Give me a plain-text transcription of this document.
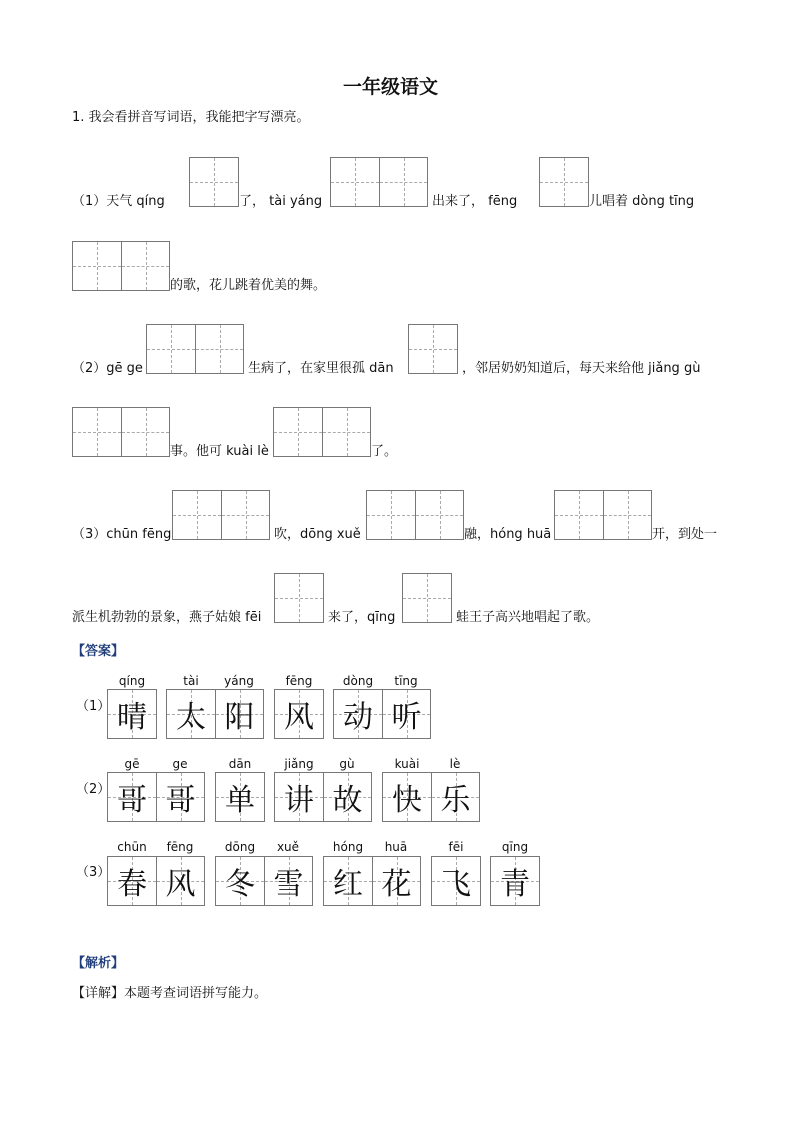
一年级语文
1. 我会看拼音写词语，我能把字写漂亮。
（1）天气 qíng	了， tài yáng	出来了， fēng	儿唱着 dòng tīng
的歌，花儿跳着优美的舞。
（2）gē ge	生病了，在家里很孤 dān	，邻居奶奶知道后，每天来给他 jiǎng gù
事。他可 kuài lè	了。
（3）chūn fēng	吹，dōng xuě	融，hóng huā	开，到处一
派生机勃勃的景象，燕子姑娘 fēi	来了，qīng	蛙王子高兴地唱起了歌。
【答案】
（1）
qíng
晴
tài	yáng
太 阳
fēng
风
dòng	tīng
动 听
（2）
gē	ge
哥 哥
dān
单
jiǎng	gù
讲 故
kuài	lè
快 乐
（3）
chūn	fēng
春 风
dōng	xuě
冬 雪
hóng	huā
红 花
fēi
飞
qīng
青
【解析】
【详解】本题考查词语拼写能力。
